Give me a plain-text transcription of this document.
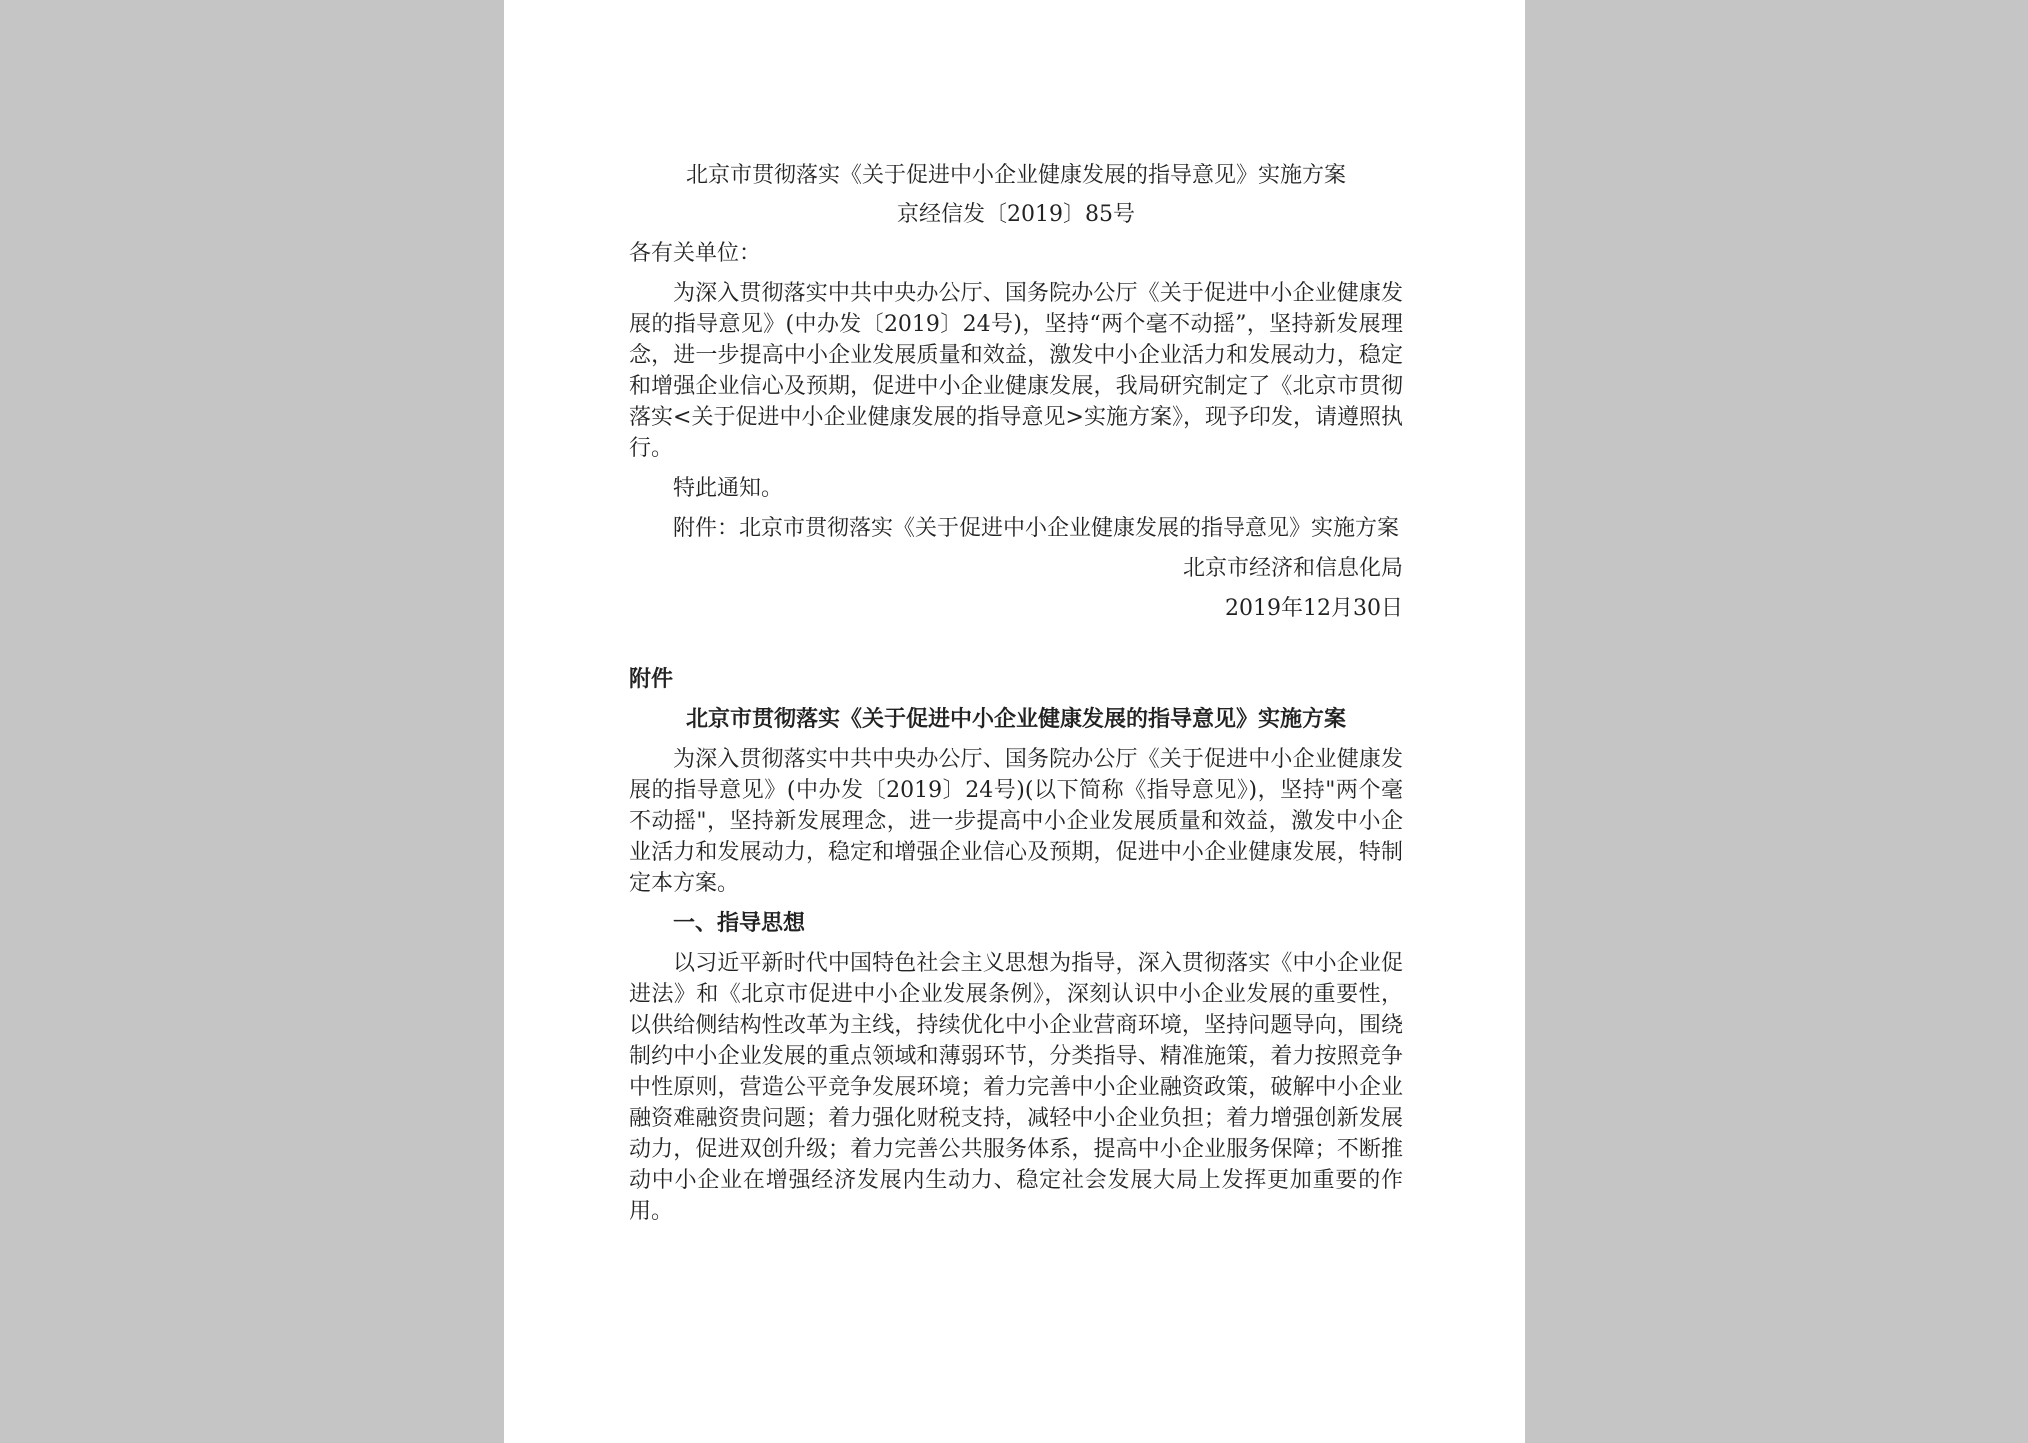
北京市贯彻落实《关于促进中小企业健康发展的指导意见》实施方案

京经信发〔2019〕85号

各有关单位：

为深入贯彻落实中共中央办公厅、国务院办公厅《关于促进中小企业健康发展的指导意见》(中办发〔2019〕24号)，坚持“两个毫不动摇”，坚持新发展理念，进一步提高中小企业发展质量和效益，激发中小企业活力和发展动力，稳定和增强企业信心及预期，促进中小企业健康发展，我局研究制定了《北京市贯彻落实<关于促进中小企业健康发展的指导意见>实施方案》，现予印发，请遵照执行。

特此通知。

附件：北京市贯彻落实《关于促进中小企业健康发展的指导意见》实施方案

北京市经济和信息化局

2019年12月30日

附件

北京市贯彻落实《关于促进中小企业健康发展的指导意见》实施方案

为深入贯彻落实中共中央办公厅、国务院办公厅《关于促进中小企业健康发展的指导意见》(中办发〔2019〕24号)(以下简称《指导意见》)，坚持"两个毫不动摇"，坚持新发展理念，进一步提高中小企业发展质量和效益，激发中小企业活力和发展动力，稳定和增强企业信心及预期，促进中小企业健康发展，特制定本方案。

一、指导思想

以习近平新时代中国特色社会主义思想为指导，深入贯彻落实《中小企业促进法》和《北京市促进中小企业发展条例》，深刻认识中小企业发展的重要性，以供给侧结构性改革为主线，持续优化中小企业营商环境，坚持问题导向，围绕制约中小企业发展的重点领域和薄弱环节，分类指导、精准施策，着力按照竞争中性原则，营造公平竞争发展环境；着力完善中小企业融资政策，破解中小企业融资难融资贵问题；着力强化财税支持，减轻中小企业负担；着力增强创新发展动力，促进双创升级；着力完善公共服务体系，提高中小企业服务保障；不断推动中小企业在增强经济发展内生动力、稳定社会发展大局上发挥更加重要的作用。
